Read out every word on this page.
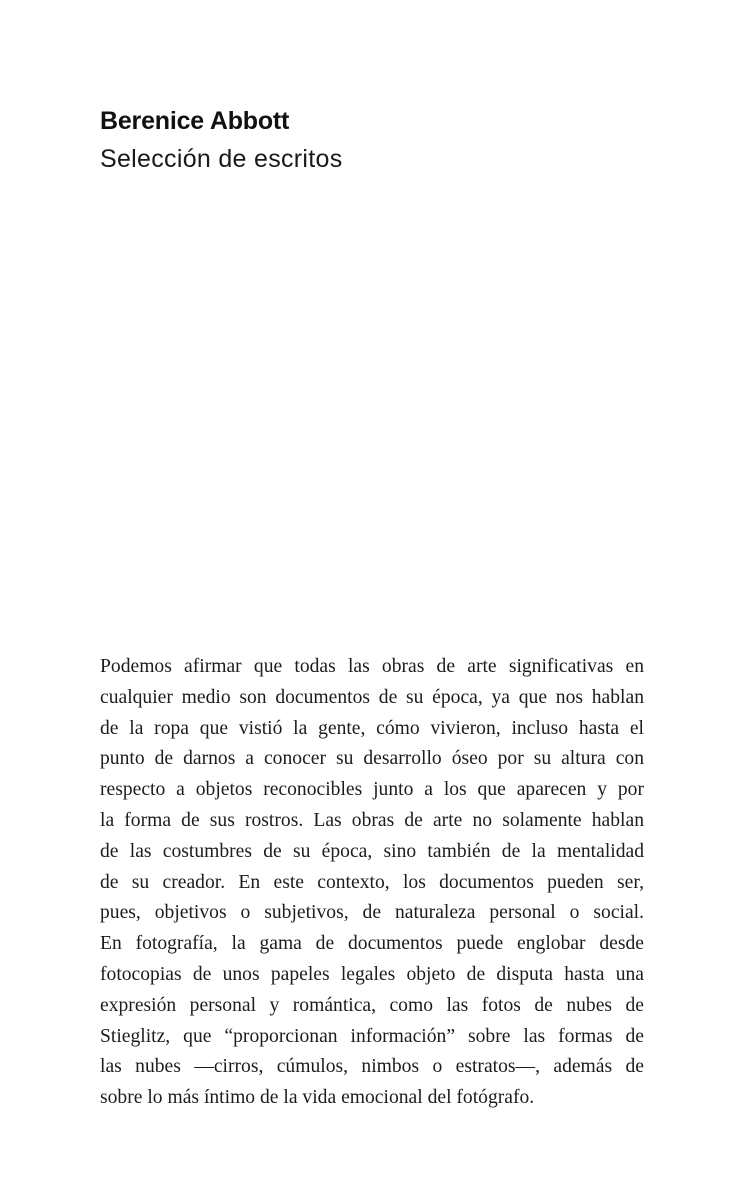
Berenice Abbott
Selección de escritos
Podemos afirmar que todas las obras de arte significativas en
cualquier medio son documentos de su época, ya que nos hablan
de la ropa que vistió la gente, cómo vivieron, incluso hasta el
punto de darnos a conocer su desarrollo óseo por su altura con
respecto a objetos reconocibles junto a los que aparecen y por
la forma de sus rostros. Las obras de arte no solamente hablan
de las costumbres de su época, sino también de la mentalidad
de su creador. En este contexto, los documentos pueden ser,
pues, objetivos o subjetivos, de naturaleza personal o social.
En fotografía, la gama de documentos puede englobar desde
fotocopias de unos papeles legales objeto de disputa hasta una
expresión personal y romántica, como las fotos de nubes de
Stieglitz, que “proporcionan información” sobre las formas de
las nubes —cirros, cúmulos, nimbos o estratos—, además de
sobre lo más íntimo de la vida emocional del fotógrafo.
